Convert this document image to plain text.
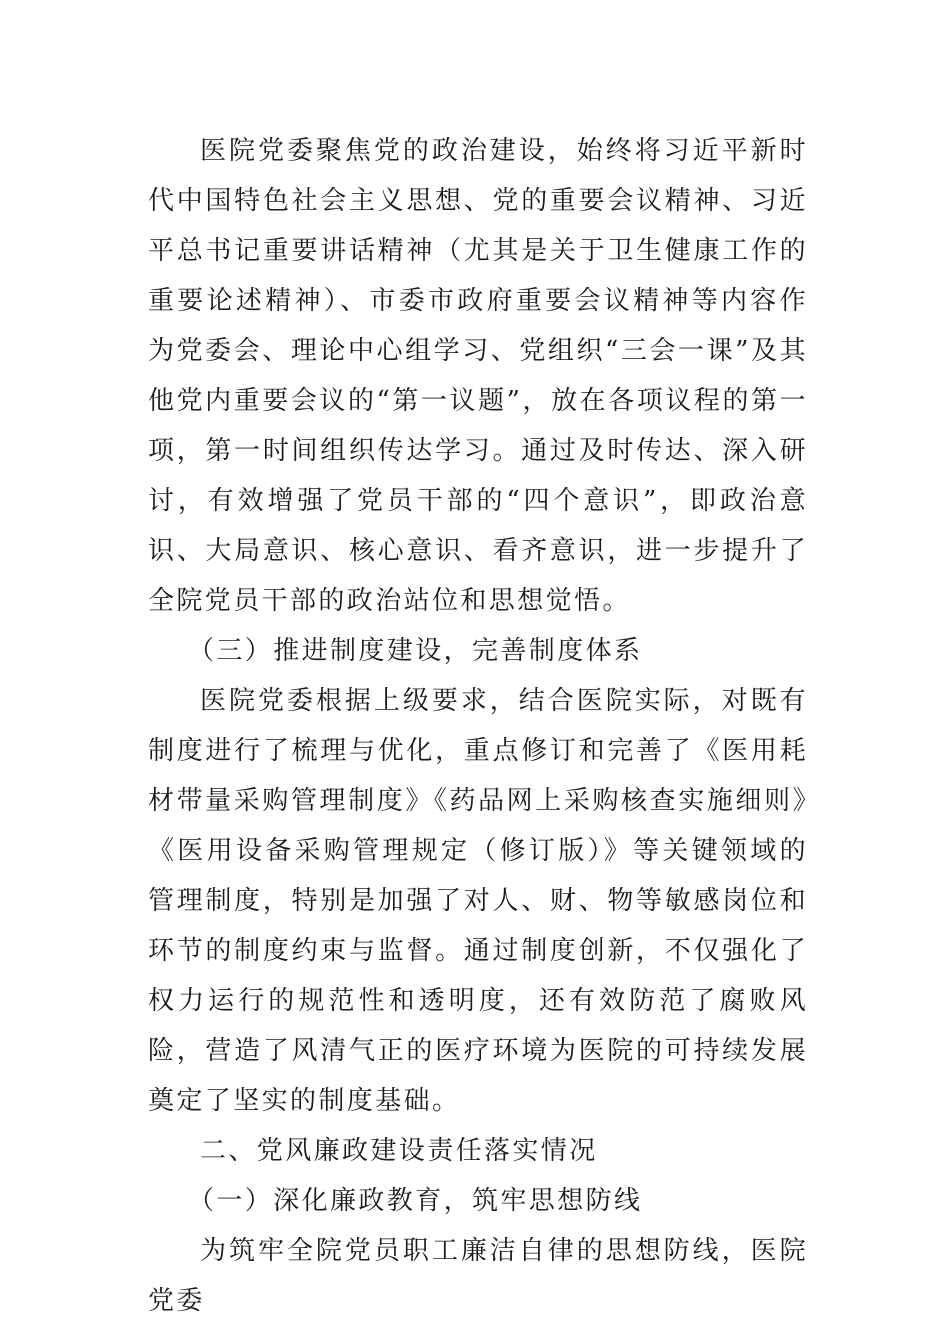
医院党委聚焦党的政治建设，始终将习近平新时代中国特色社会主义思想、党的重要会议精神、习近平总书记重要讲话精神（尤其是关于卫生健康工作的重要论述精神）、市委市政府重要会议精神等内容作为党委会、理论中心组学习、党组织“三会一课”及其他党内重要会议的“第一议题”，放在各项议程的第一项，第一时间组织传达学习。通过及时传达、深入研讨，有效增强了党员干部的“四个意识”，即政治意识、大局意识、核心意识、看齐意识，进一步提升了全院党员干部的政治站位和思想觉悟。

（三）推进制度建设，完善制度体系

医院党委根据上级要求，结合医院实际，对既有制度进行了梳理与优化，重点修订和完善了《医用耗材带量采购管理制度》《药品网上采购核查实施细则》《医用设备采购管理规定（修订版）》等关键领域的管理制度，特别是加强了对人、财、物等敏感岗位和环节的制度约束与监督。通过制度创新，不仅强化了权力运行的规范性和透明度，还有效防范了腐败风险，营造了风清气正的医疗环境为医院的可持续发展奠定了坚实的制度基础。

二、党风廉政建设责任落实情况

（一）深化廉政教育，筑牢思想防线

为筑牢全院党员职工廉洁自律的思想防线，医院党委
